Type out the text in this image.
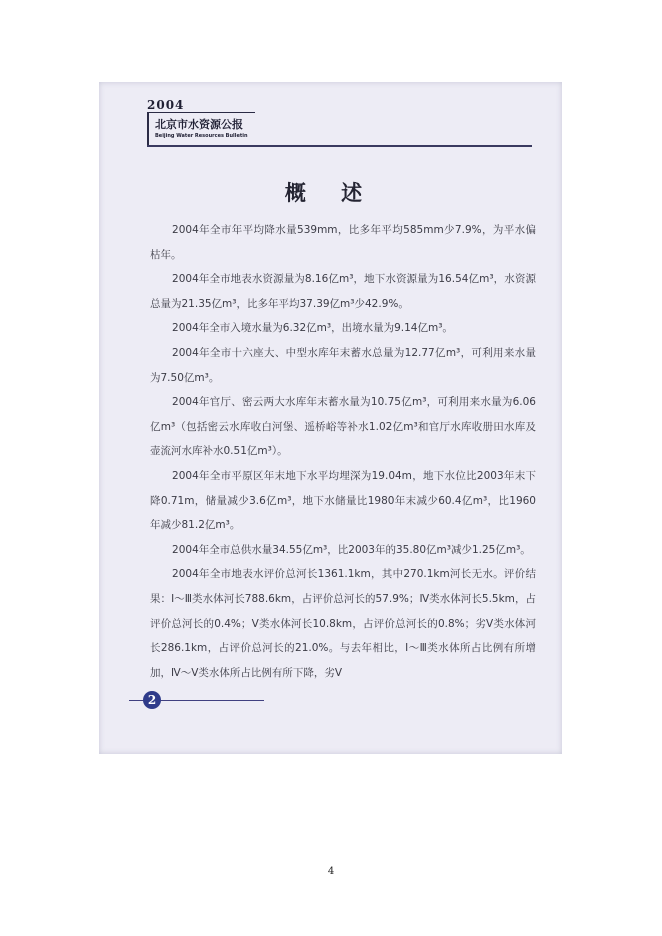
2004
北京市水资源公报
Beijing Water Resources Bulletin
概 述

2004年全市年平均降水量539mm，比多年平均585mm少7.9%，为平水偏枯年。

2004年全市地表水资源量为8.16亿m³，地下水资源量为16.54亿m³，水资源总量为21.35亿m³，比多年平均37.39亿m³少42.9%。

2004年全市入境水量为6.32亿m³，出境水量为9.14亿m³。

2004年全市十六座大、中型水库年末蓄水总量为12.77亿m³，可利用来水量为7.50亿m³。

2004年官厅、密云两大水库年末蓄水量为10.75亿m³，可利用来水量为6.06亿m³（包括密云水库收白河堡、遥桥峪等补水1.02亿m³和官厅水库收册田水库及壶流河水库补水0.51亿m³）。

2004年全市平原区年末地下水平均埋深为19.04m，地下水位比2003年末下降0.71m，储量减少3.6亿m³，地下水储量比1980年末减少60.4亿m³，比1960年减少81.2亿m³。

2004年全市总供水量34.55亿m³，比2003年的35.80亿m³减少1.25亿m³。

2004年全市地表水评价总河长1361.1km，其中270.1km河长无水。评价结果：Ⅰ～Ⅲ类水体河长788.6km，占评价总河长的57.9%；Ⅳ类水体河长5.5km，占评价总河长的0.4%；Ⅴ类水体河长10.8km，占评价总河长的0.8%；劣Ⅴ类水体河长286.1km，占评价总河长的21.0%。与去年相比，Ⅰ～Ⅲ类水体所占比例有所增加，Ⅳ～Ⅴ类水体所占比例有所下降，劣Ⅴ

2
4
